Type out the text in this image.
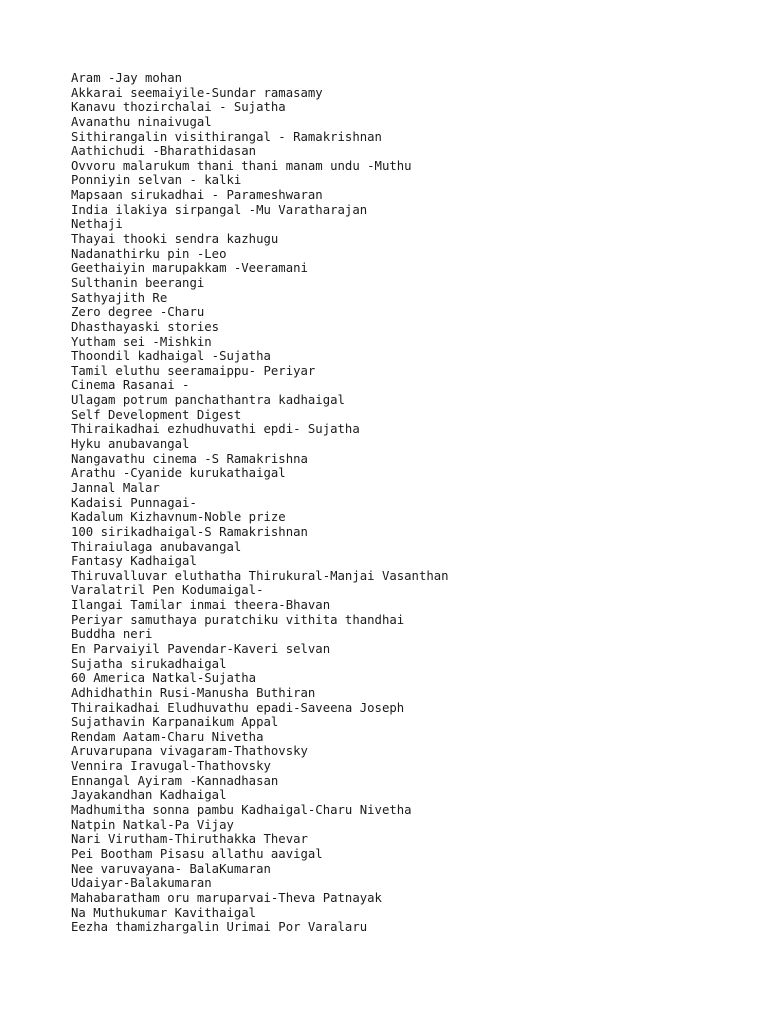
Aram -Jay mohan
Akkarai seemaiyile-Sundar ramasamy
Kanavu thozirchalai - Sujatha
Avanathu ninaivugal
Sithirangalin visithirangal - Ramakrishnan
Aathichudi -Bharathidasan
Ovvoru malarukum thani thani manam undu -Muthu
Ponniyin selvan - kalki
Mapsaan sirukadhai - Parameshwaran
India ilakiya sirpangal -Mu Varatharajan
Nethaji
Thayai thooki sendra kazhugu
Nadanathirku pin -Leo
Geethaiyin marupakkam -Veeramani
Sulthanin beerangi
Sathyajith Re
Zero degree -Charu
Dhasthayaski stories
Yutham sei -Mishkin
Thoondil kadhaigal -Sujatha
Tamil eluthu seeramaippu- Periyar
Cinema Rasanai -
Ulagam potrum panchathantra kadhaigal
Self Development Digest
Thiraikadhai ezhudhuvathi epdi- Sujatha
Hyku anubavangal
Nangavathu cinema -S Ramakrishna
Arathu -Cyanide kurukathaigal
Jannal Malar
Kadaisi Punnagai-
Kadalum Kizhavnum-Noble prize
100 sirikadhaigal-S Ramakrishnan
Thiraiulaga anubavangal
Fantasy Kadhaigal
Thiruvalluvar eluthatha Thirukural-Manjai Vasanthan
Varalatril Pen Kodumaigal-
Ilangai Tamilar inmai theera-Bhavan
Periyar samuthaya puratchiku vithita thandhai
Buddha neri
En Parvaiyil Pavendar-Kaveri selvan
Sujatha sirukadhaigal
60 America Natkal-Sujatha
Adhidhathin Rusi-Manusha Buthiran
Thiraikadhai Eludhuvathu epadi-Saveena Joseph
Sujathavin Karpanaikum Appal
Rendam Aatam-Charu Nivetha
Aruvarupana vivagaram-Thathovsky
Vennira Iravugal-Thathovsky
Ennangal Ayiram -Kannadhasan
Jayakandhan Kadhaigal
Madhumitha sonna pambu Kadhaigal-Charu Nivetha
Natpin Natkal-Pa Vijay
Nari Virutham-Thiruthakka Thevar
Pei Bootham Pisasu allathu aavigal
Nee varuvayana- BalaKumaran
Udaiyar-Balakumaran
Mahabaratham oru maruparvai-Theva Patnayak
Na Muthukumar Kavithaigal
Eezha thamizhargalin Urimai Por Varalaru
